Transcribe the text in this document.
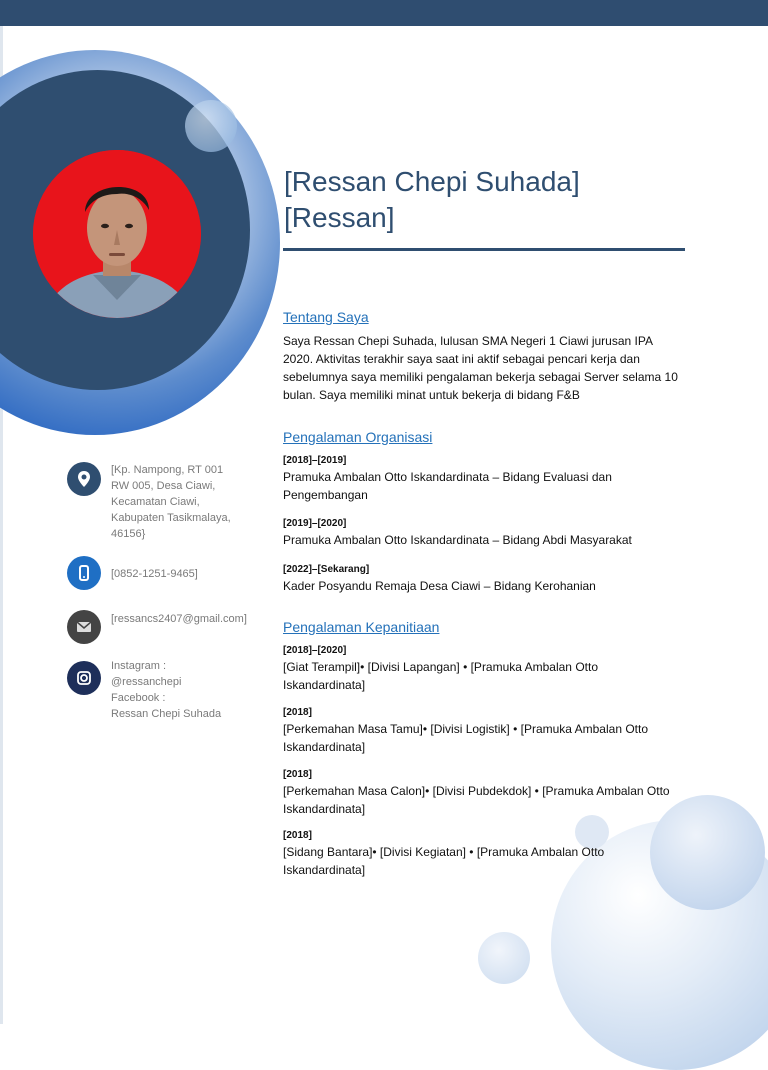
[Ressan Chepi Suhada]
[Ressan]
[Kp. Nampong, RT 001 RW 005, Desa Ciawi, Kecamatan Ciawi, Kabupaten Tasikmalaya, 46156}
[0852-1251-9465]
[ressancs2407@gmail.com]
Instagram :
@ressanchepi
Facebook :
Ressan Chepi Suhada
Tentang Saya
Saya Ressan Chepi Suhada, lulusan SMA Negeri 1 Ciawi jurusan IPA 2020. Aktivitas terakhir saya saat ini aktif sebagai pencari kerja dan sebelumnya saya memiliki pengalaman bekerja sebagai Server selama 10 bulan. Saya memiliki minat untuk bekerja di bidang F&B
Pengalaman Organisasi
[2018]–[2019]
Pramuka Ambalan Otto Iskandardinata – Bidang Evaluasi dan Pengembangan
[2019]–[2020]
Pramuka Ambalan Otto Iskandardinata – Bidang Abdi Masyarakat
[2022]–[Sekarang]
Kader Posyandu Remaja Desa Ciawi – Bidang Kerohanian
Pengalaman Kepanitiaan
[2018]–[2020]
[Giat Terampil]• [Divisi Lapangan] • [Pramuka Ambalan Otto Iskandardinata]
[2018]
[Perkemahan Masa Tamu]• [Divisi Logistik] • [Pramuka Ambalan Otto Iskandardinata]
[2018]
[Perkemahan Masa Calon]• [Divisi Pubdekdok] • [Pramuka Ambalan Otto Iskandardinata]
[2018]
[Sidang Bantara]• [Divisi Kegiatan] • [Pramuka Ambalan Otto Iskandardinata]
